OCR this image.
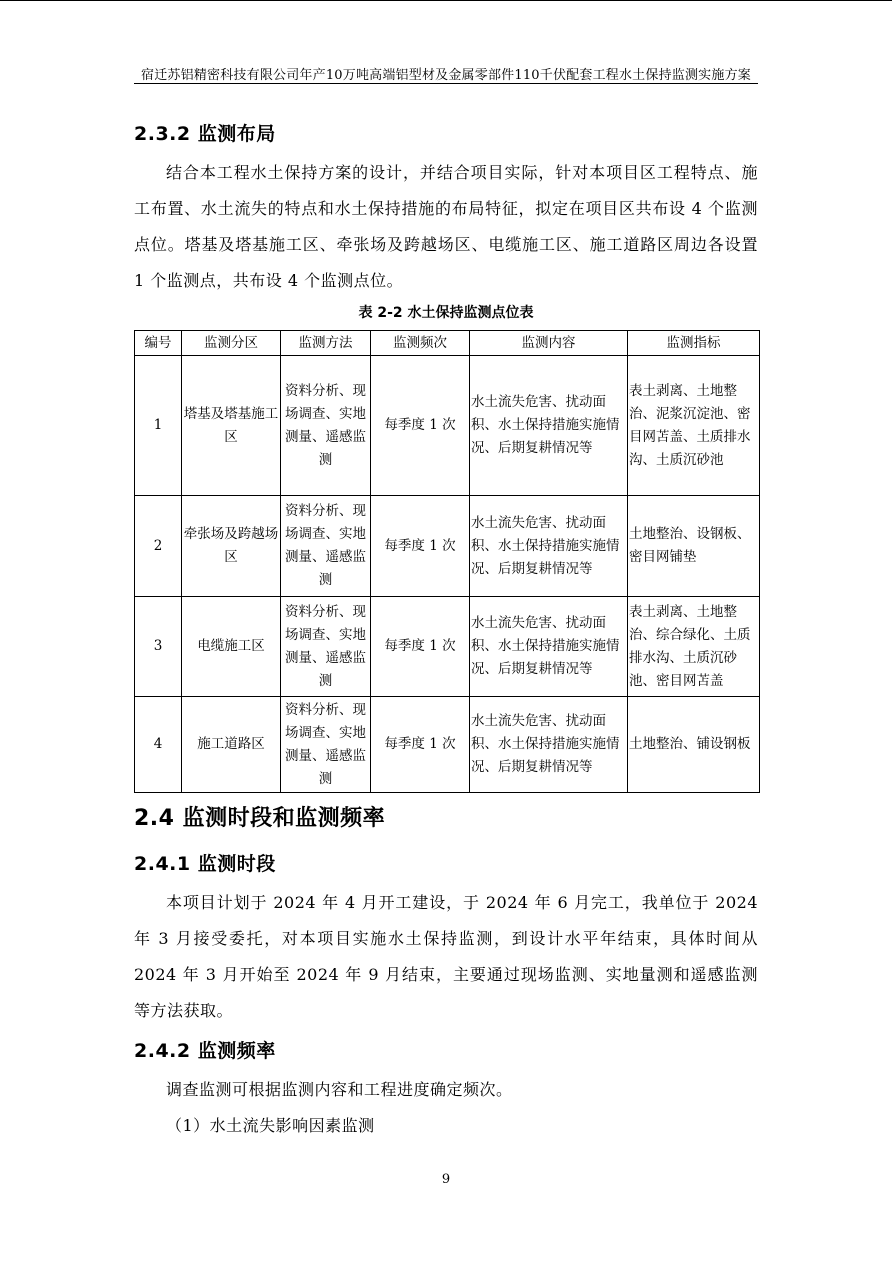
宿迁苏铝精密科技有限公司年产10万吨高端铝型材及金属零部件110千伏配套工程水土保持监测实施方案
2.3.2 监测布局
结合本工程水土保持方案的设计，并结合项目实际，针对本项目区工程特点、施工布置、水土流失的特点和水土保持措施的布局特征，拟定在项目区共布设 4 个监测点位。塔基及塔基施工区、牵张场及跨越场区、电缆施工区、施工道路区周边各设置 1 个监测点，共布设 4 个监测点位。
表 2-2 水土保持监测点位表
编号	监测分区	监测方法	监测频次	监测内容	监测指标
1	塔基及塔基施工区	资料分析、现场调查、实地测量、遥感监测	每季度 1 次	水土流失危害、扰动面积、水土保持措施实施情况、后期复耕情况等	表土剥离、土地整治、泥浆沉淀池、密目网苫盖、土质排水沟、土质沉砂池
2	牵张场及跨越场区	资料分析、现场调查、实地测量、遥感监测	每季度 1 次	水土流失危害、扰动面积、水土保持措施实施情况、后期复耕情况等	土地整治、设钢板、密目网铺垫
3	电缆施工区	资料分析、现场调查、实地测量、遥感监测	每季度 1 次	水土流失危害、扰动面积、水土保持措施实施情况、后期复耕情况等	表土剥离、土地整治、综合绿化、土质排水沟、土质沉砂池、密目网苫盖
4	施工道路区	资料分析、现场调查、实地测量、遥感监测	每季度 1 次	水土流失危害、扰动面积、水土保持措施实施情况、后期复耕情况等	土地整治、铺设钢板
2.4 监测时段和监测频率
2.4.1 监测时段
本项目计划于 2024 年 4 月开工建设，于 2024 年 6 月完工，我单位于 2024 年 3 月接受委托，对本项目实施水土保持监测，到设计水平年结束，具体时间从 2024 年 3 月开始至 2024 年 9 月结束，主要通过现场监测、实地量测和遥感监测等方法获取。
2.4.2 监测频率
调查监测可根据监测内容和工程进度确定频次。
（1）水土流失影响因素监测
9
